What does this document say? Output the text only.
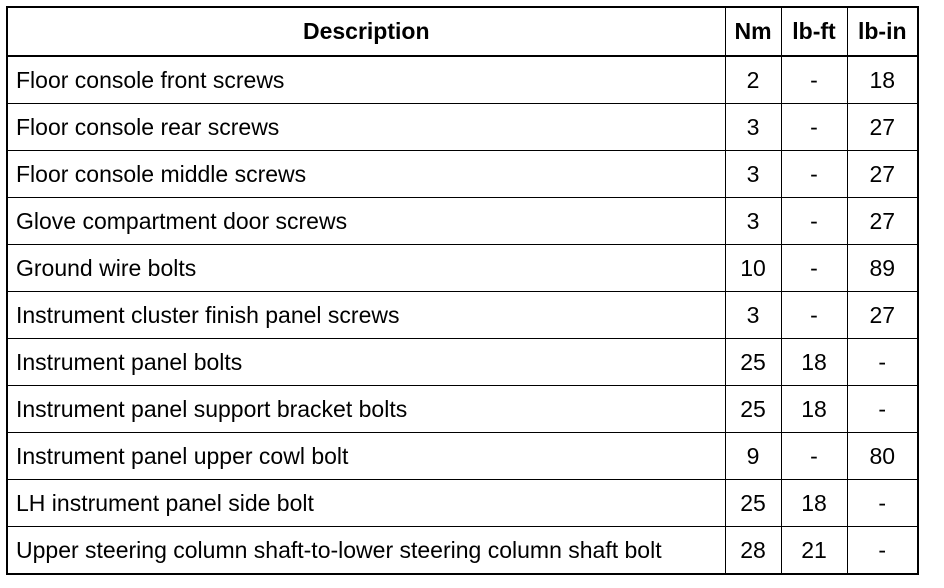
Description	Nm	lb-ft	lb-in
Floor console front screws	2	-	18
Floor console rear screws	3	-	27
Floor console middle screws	3	-	27
Glove compartment door screws	3	-	27
Ground wire bolts	10	-	89
Instrument cluster finish panel screws	3	-	27
Instrument panel bolts	25	18	-
Instrument panel support bracket bolts	25	18	-
Instrument panel upper cowl bolt	9	-	80
LH instrument panel side bolt	25	18	-
Upper steering column shaft-to-lower steering column shaft bolt	28	21	-
